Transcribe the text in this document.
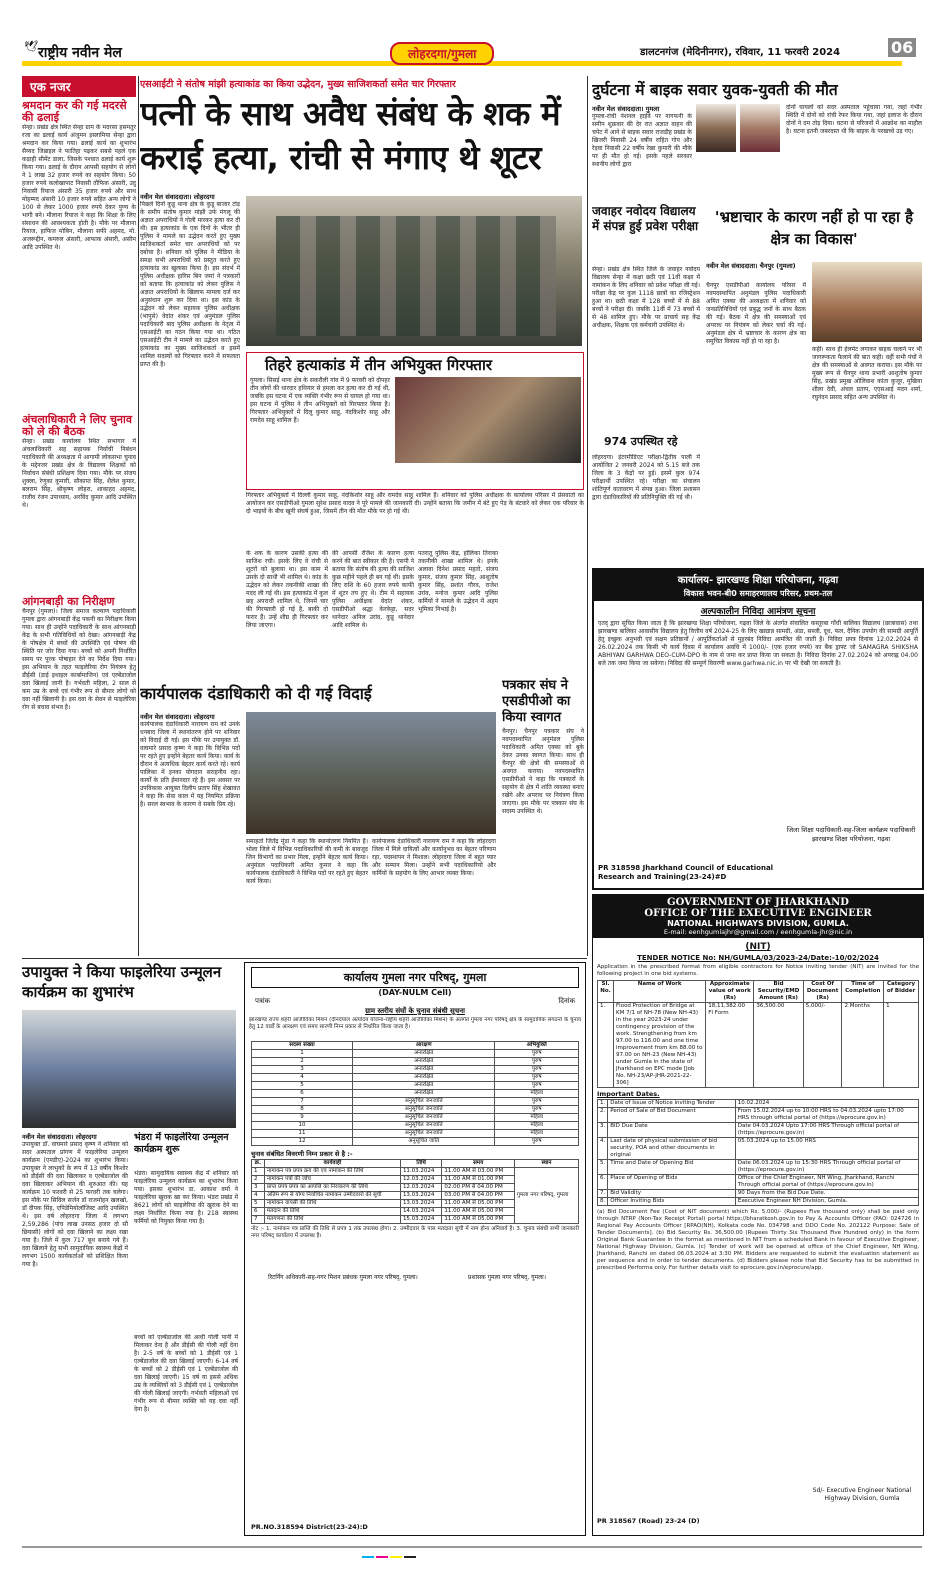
🕊 राष्ट्रीय नवीन मेल	लोहरदगा/गुमला	डालटनगंज (मेदिनीनगर), रविवार, 11 फरवरी 2024	06
एक नजर
श्रमदान कर की गई मदरसे की ढलाई
सेन्हा। प्रखंड क्षेत्र स्थित सेन्हा ग्राम के मदरसा हसमतुर रजा का ढलाई कार्य अंजुमन इस्लामिया सेन्हा द्वारा श्रमदान कर किया गया। ढलाई कार्य का शुभारंभ सैय्यद जिब्राइल ने फातिहा पढ़कर सबसे पहले एक कड़ाही सीमेंट डाला, जिसके पश्चात ढलाई कार्य शुरू किया गया। ढलाई के दौरान आपसी सहयोग से लोगों ने 1 लाख 32 हजार रुपये का सहयोग किया। 50 हजार रुपये कलोखापाट निवासी तौफिक अंसारी, उदु निवासी रियाज अंसारी 35 हजार रुपये और साथ मोहम्मद अंसारी 10 हजार रुपये सहित अन्य लोगों ने 100 से लेकर 1000 हजार रुपये देकर पुण्य के भागी बने। मौलाना रियाज ने कहा कि शिक्षा के लिए संसाधन की आवश्यकता होती है। मौके पर मौलाना रियाज, हाफिज मोबिन, मौलाना सफी अहमद, मो. अजरूद्दीन, कमरुल अंसारी, आफाक अंसारी, असीम आदि उपस्थित थे।
अंचलाधिकारी ने लिए चुनाव को ले की बैठक
सेन्हा। प्रखंड कार्यालय स्थित सभागार में अंचलाधिकारी सह सहायक निर्वाची निबंधन पदाधिकारी की अध्यक्षता में आगामी लोकसभा चुनाव के मद्देनजर प्रखंड क्षेत्र के विद्यालय शिक्षकों को निर्वाचन संबंधी प्रशिक्षण दिया गया। मौके पर संजय शुक्ला, रेणुका कुमारी, सौकाप्त सिंह, शैलेश कुमार, बलराम सिंह, श्रीकृष्ण लोहरा, शाकाहद अहमद, राजीव रंजन उपाध्याय, अरविंद कुमार आदि उपस्थित थे।
आंगनबाड़ी का निरीक्षण
चैनपुर (गुमला)। जिला समाज कल्याण पदाधिकारी गुमला द्वारा आंगनबाड़ी केंद्र पकनी का निरीक्षण किया गया। साथ ही उन्होंने पदाधिकारी के साथ आंगनबाड़ी केंद्र के सभी गतिविधियों को देखा। आंगनबाड़ी केंद्र के पोषक्षेत्र में बच्चों की उपस्थिति एवं पोषण की स्थिति पर जोर दिया गया। बच्चों को अपनी निर्धारित समय पर पूरक पोषाहार देने का निर्देश दिया गया। इस अभियान के तहत फाइलेरिया रोग नियंत्रण हेतु डीईसी (डाई इथाइल कार्बामाजिन) एवं एल्बेंडाजोल दवा खिलाई जानी है। गर्भवती महिला, 2 साल से कम उम्र के बच्चे एवं गंभीर रूप से बीमार लोगों को दवा नहीं खिलानी है। इस दवा के सेवन से फाइलेरिया रोग से बचाव संभव है।
एसआईटी ने संतोष मांझी हत्याकांड का किया उद्भेदन, मुख्य साजिशकर्ता समेत चार गिरफ्तार
पत्नी के साथ अवैध संबंध के शक में कराई हत्या, रांची से मंगाए थे शूटर
नवीन मेल संवाददाता। लोहरदगा
पिछले दिनों कुडू थाना क्षेत्र के कुडू बाजार टांड़ के समीप संतोष कुमार मांझी उर्फ मंगलू की अज्ञात अपराधियों ने गोली मारकर हत्या कर दी थी। इस हत्याकांड के एक दिनों के भीतर ही पुलिस ने मामले का उद्भेदन करते हुए मुख्य साजिशकर्ता समेत चार अपराधियों को पर दबोचा है। शनिवार को पुलिस ने मीडिया के समक्ष सभी अपराधियों को प्रस्तुत करते हुए हत्याकांड का खुलासा किया है। इस संदर्भ में पुलिस अधीक्षक हारिस बिन जमां ने पत्रकारों को बताया कि हत्याकांड को लेकर पुलिस ने अज्ञात अपराधियों के खिलाफ मामला दर्ज कर अनुसंधान शुरू कर दिया था। इस कांड के उद्भेदन को लेकर सहायक पुलिस अधीक्षक (भापुसे) वेदांत शंकर एवं अनुमंडल पुलिस पदाधिकारी बाद पुलिस अधीक्षक के नेतृत्व में एसआईटी का गठन किया गया था। गठित एसआईटी टीम ने मामले का उद्भेदन करते हुए हत्याकांड का मुख्य साजिशकर्ता व इसमें शामिल सदस्यों को गिरफ्तार करने में सफलता प्राप्त की है।	तिहरे हत्याकांड में तीन अभियुक्त गिरफ्तार
गुमला। सिसई थाना क्षेत्र के सकरौली गांव में 9 फरवरी को दोपहर तीन लोगों की धारदार हथियार से हमला कर हत्या कर दी गई थी, जबकि इस घटना में एक व्यक्ति गंभीर रूप से घायल हो गया था। इस घटना में पुलिस ने तीन अभियुक्तों को गिरफ्तार किया है। गिरफ्तार अभियुक्तों में दिलू कुमार साहू, नंदकिशोर साहू और रामदेव साहू शामिल हैं।
गिरफ्तार अभियुक्तों में दिल्ली कुमार साहू, नंदकिशोर साहू और रामदेव साहू शामिल हैं। शनिवार को पुलिस अधीक्षक के कार्यालय परिसर में प्रेसवार्ता का आयोजन कर एसडीपीओ गुमला सुरेश प्रसाद यादव ने पूरे मामले की जानकारी दी। उन्होंने बताया कि जमीन में बंटे हुए पेड़ के बंटवारे को लेकर एक परिवार के दो भाइयों के बीच खूनी संघर्ष हुआ, जिसमें तीन की मौत मौके पर हो गई थी।
के शक के कारण उसकी हत्या की साजिश रची। इसके लिए वे रांची से शूटरों को बुलाया था। इस काम में उसके दो साथी भी शामिल थे। कांड के उद्भेदन को लेकर तकनीकी शाखा की मदद ली गई थी। इस हत्याकांड में कुल छह अपराधी शामिल थे, जिनमें चार की गिरफ्तारी हो गई है, बाकी दो फरार हैं। उन्हें शीघ्र ही गिरफ्तार कर लिया जाएगा।
की आपसी रंजिश के कारण हत्या करने की बात स्वीकार की है। एसपी ने बताया कि संतोष की हत्या की साजिश कुछ महीने पहले ही बन गई थी। इसके लिए राशि के 60 हजार रुपये काफी में शूटर तय हुए थे। टीम में सहायक पुलिस अधीक्षक वेदांत शंकर, एसडीपीओ श्रद्धा केरकेट्टा, सदर थानेदार अनिल उरांव, कुडू थानेदार आदि शामिल थे।
पतरातू पुलिस केंद्र, होलिका तिराका तकनीकी शाखा शामिल थे। इनके अलावा दिनेश प्रसाद महतो, संजय कुमार, संजय कुमार सिंह, आशुतोष कुमार सिंह, प्रशांत गौरव, राजेश उरांव, मनोज कुमार आदि पुलिस कर्मियों ने मामले के उद्भेदन में अहम भूमिका निभाई है।
पत्रकार संघ ने एसडीपीओ का किया स्वागत
चैनपुर। चैनपुर पत्रकार संघ ने नवपदस्थापित अनुमंडल पुलिस पदाधिकारी अमित एक्का को बुके देकर उनका स्वागत किया। साथ ही चैनपुर की क्षेत्रों की समस्याओं से अवगत कराया। नवपदस्थापित एसडीपीओ ने कहा कि पत्रकारों के सहयोग से क्षेत्र में शांति व्यवस्था बनाए रखेंगे और अपराध पर नियंत्रण किया जाएगा। इस मौके पर पत्रकार संघ के सदस्य उपस्थित थे।
कार्यपालक दंडाधिकारी को दी गई विदाई
नवीन मेल संवाददाता। लोहरदगा
कार्यपालक दंडाधिकारी नारायण राम को उनके धनबाद जिला में स्थानांतरण होने पर शनिवार को विदाई दी गई। इस मौके पर उपायुक्त डॉ. वाघमारे प्रसाद कृष्ण ने कहा कि विभिन्न पदों पर रहते हुए इन्होंने बेहतर कार्य किया। कार्य के दौरान ये अत्यधिक बेहतर कार्य करते रहे। कार्य पालिका में इनका योगदान सराहनीय रहा। कार्यों के प्रति ईमानदार रहे हैं। इस अवसर पर उपविकास आयुक्त दिलीप प्रताप सिंह शेखावत ने कहा कि सेवा काल में यह नियमित प्रक्रिया है। सरल स्वभाव के कारण वे सबके प्रिय रहे।
समाहर्ता जितेंद्र मुंडा ने कहा कि स्थानांतरण नियमित है। भोला जिले में विभिन्न पदाधिकारियों की कमी के बावजूद जिन विभागों का प्रभार मिला, इन्होंने बेहतर कार्य किया। अनुमंडल पदाधिकारी अमित कुमार ने कहा कि कार्यपालक दंडाधिकारी ने विभिन्न पदों पर रहते हुए बेहतर कार्य किया।
कार्यपालक दंडाधिकारी नारायण राम ने कहा कि लोहरदगा जिला में मिले दायित्वों और कार्यानुभव का बेहतर परिणाम रहा, पदस्थापन ने मिशाल। लोहरदगा जिला में बहुत प्यार और सम्मान मिला। उन्होंने सभी पदाधिकारियों और कर्मियों के सहयोग के लिए आभार व्यक्त किया।
दुर्घटना में बाइक सवार युवक-युवती की मौत
नवीन मेल संवाददाता। गुमला
गुमला-रांची नेशनल हाईवे पर नागफनी के समीप शुक्रवार की देर रात अज्ञात वाहन की चपेट में आने से बाइक सवार राजडीह प्रखंड के खिजरी निवासी 24 वर्षीय राहित गोप और रेड़वा निवासी 22 वर्षीय रेखा कुमारी की मौके पर ही मौत हो गई। इसके पहले सरकार स्थानीय लोगों द्वारा
दोनों घायलों को सदर अस्पताल पहुंचाया गया, जहां गंभीर स्थिति में दोनों को रांची रेफर किया गया, जहां इलाज के दौरान दोनों ने दम तोड़ दिया। घटना से परिजनों में आक्रोश का माहौल है। घटना इतनी जबरदस्त थी कि बाइक के परखच्चे उड़ गए।
जवाहर नवोदय विद्यालय में संपन्न हुई प्रवेश परीक्षा
सेन्हा। प्रखंड क्षेत्र स्थित जिले के जवाहर नवोदय विद्यालय सेन्हा में कक्षा छठी एवं 11वीं कक्षा में नामांकन के लिए शनिवार को प्रवेश परीक्षा ली गई। परीक्षा केंद्र पर कुल 1118 छात्रों का रजिस्ट्रेशन हुआ था। छठी कक्षा में 128 बच्चों में से 88 बच्चों ने परीक्षा दी। जबकि 11वीं में 73 बच्चों में से 48 शामिल हुए। मौके पर प्राचार्य सह केंद्र अधीक्षक, शिक्षक एवं कर्मचारी उपस्थित थे।
974 उपस्थित रहे
लोहरदगा। इंटरमीडिएट परीक्षा-द्वितीय पाली में आयोजित 2 जनवरी 2024 को 5.15 बजे तक जिला के 3 केंद्रों पर हुई। इसमें कुल 974 परीक्षार्थी उपस्थित रहे। परीक्षा का संचालन शांतिपूर्ण वातावरण में संपन्न हुआ। जिला प्रशासन द्वारा दंडाधिकारियों की प्रतिनियुक्ति की गई थी।
'भ्रष्टाचार के कारण नहीं हो पा रहा है क्षेत्र का विकास'
नवीन मेल संवाददाता। चैनपुर (गुमला)
चैनपुर एसडीपीओ कार्यालय परिसर में नवपदस्थापित अनुमंडल पुलिस पदाधिकारी अमित एक्का की अध्यक्षता में शनिवार को जनप्रतिनिधियों एवं प्रबुद्ध जनों के साथ बैठक की गई। बैठक में क्षेत्र की समस्याओं एवं अपराध पर नियंत्रण को लेकर चर्चा की गई। अनुमंडल क्षेत्र में भ्रष्टाचार के कारण क्षेत्र का समुचित विकास नहीं हो पा रहा है।
कहीं। साथ ही हेलमेट लगाकर बाइक चलाने पर भी जागरूकता फैलाने की बात कही। वहीं सभी पंचों ने क्षेत्र की समस्याओं से अवगत कराया। इस मौके पर मुख्य रूप से चैनपुर थाना प्रभारी आशुतोष कुमार सिंह, प्रखंड प्रमुख ओलिवाश कांता कुजूर, मुखिया शीला देवी, अंचल प्रताप, एएसआई मदन शर्मा, रघुनंदन प्रसाद सहित अन्य उपस्थित थे।
कार्यालय- झारखण्ड शिक्षा परियोजना, गढ़वा
विकास भवन-बी0 समाहरणालय परिसर, प्रथम-तल
अल्पकालीन निविदा आमंत्रण सूचना
एतद् द्वारा सूचित किया जाता है कि झारखण्ड शिक्षा परियोजना, गढ़वा जिले के अंतर्गत संचालित कस्तूरबा गाँधी बालिका विद्यालय (छात्रावास) तथा झारखण्ड बालिका आवासीय विद्यालय हेतु वित्तीय वर्ष 2024-25 के लिए खाद्यान्न सामग्री, अंडा, सब्जी, दूध, फल, दैनिक उपयोग की सामग्री आपूर्ति हेतु इच्छुक अनुभवी एवं सक्षम प्रतिष्ठानों / आपूर्तिकर्ताओं से मुहरबंद निविदा आमंत्रित की जाती है। निविदा प्रपत्र दिनांक 12.02.2024 से 26.02.2024 तक किसी भी कार्य दिवस में कार्यालय अवधि में 1000/- (एक हजार रुपये) का बैंक ड्राफ्ट जो SAMAGRA SHIKSHA ABHIYAN GARHWA DEO-CUM-DPO के नाम से जमा कर प्राप्त किया जा सकता है। निविदा दिनांक 27.02.2024 को अपराह्न 04.00 बजे तक जमा किया जा सकेगा। निविदा की सम्पूर्ण विवरणी www.garhwa.nic.in पर भी देखी जा सकती है।
जिला शिक्षा पदाधिकारी-सह-जिला कार्यक्रम पदाधिकारी झारखण्ड शिक्षा परियोजना, गढ़वा
PR 318598 Jharkhand Council of Educational Research and Training(23-24)#D
GOVERNMENT OF JHARKHAND
OFFICE OF THE EXECUTIVE ENGINEER
NATIONAL HIGHWAYS DIVISION, GUMLA.
E-mail: eenhgumlajhr@gmail.com / eenhgumla-jhr@nic.in
(NIT)
TENDER NOTICE No: NH/GUMLA/03/2023-24/Date:-10/02/2024
Application in the prescribed format from eligible contractors for Notice inviting tender (NIT) are invited for the following project in one bid systems.
Sl. No.	Name of Work	Approximate value of work (Rs)	Bid Security/EMD Amount (Rs)	Cost Of Document (Rs)	Time of Completion	Category of Bidder
1.	Flood Protection of Bridge at KM 7/1 of NH-78 (New NH-43) in the year 2023-24 under contingency provision of the work. Strengthening from km 97.00 to 116.00 and one time improvement from km 88.00 to 97.00 on NH-23 (New NH-43) under Gumla in the state of Jharkhand on EPC mode [Job No. NH-23/AP-JHR-2021-22-306]	18,11,382.00 FI Form	36,500.00	5,000/-	2 Months	1
Important Dates.
1.	Date of Issue of Notice inviting Tender	10.02.2024
2.	Period of Sale of Bid Document	From 15.02.2024 up to 10:00 HRS to 04.03.2024 upto 17:00 HRS through official portal of (https://eprocure.gov.in)
3.	BID Due Date	Date 04.03.2024 Upto 17:00 HRS Through official portal of (https://eprocure.gov.in)
4.	Last date of physical submission of bid security, POA and other documents in original	05.03.2024 up to 15.00 HRS
5.	Time and Date of Opening Bid	Date 06.03.2024 up to 15:30 HRS Through official portal of (https://eprocure.gov.in)
6.	Place of Opening of Bids	Office of the Chief Engineer, NH Wing, Jharkhand, Ranchi Through official portal of (https://eprocure.gov.in)
7.	Bid Validity	90 Days from the Bid Due Date.
8.	Officer Inviting Bids	Executive Engineer NH Division, Gumla.
(a) Bid Document Fee (Cost of NIT document) which Rs. 5,000/- (Rupees Five thousand only) shall be paid only through NTRP (Non-Tax Receipt Portal) portal https://bharatkosh.gov.in to Pay & Accounts Officer (PAO: 024726 in Regional Pay Accounts Officer [RPAO(NH), Kolkata code No. 034798 and DDO Code No. 202122 Purpose: Sale of Tender Documents]. (b) Bid Security Rs. 36,500.00 (Rupees Thirty Six Thousand Five Hundred only) in the form Original Bank Guarantee in the format as mentioned in NIT from a scheduled Bank in favour of Executive Engineer, National Highway Division, Gumla. (c) Tender of work will be opened at office of the Chief Engineer, NH Wing, Jharkhand, Ranchi on dated 06.03.2024 at 3:30 PM. Bidders are requested to submit the evaluation statement as per sequence and in order to tender documents. (d) Bidders please note that Bid Security has to be submitted in prescribed Performa only. For further details visit to eprocure.gov.in/eprocure/app.
Sd/- Executive Engineer National Highway Division, Gumla
PR 318567 (Road) 23-24 (D)
उपायुक्त ने किया फाइलेरिया उन्मूलन कार्यक्रम का शुभारंभ
नवीन मेल संवाददाता। लोहरदगा
उपायुक्त डॉ. वाघमारे प्रसाद कृष्ण ने शनिवार को सदर अस्पताल प्रांगण में फाइलेरिया उन्मूलन कार्यक्रम (एमडीए)-2024 का शुभारंभ किया। उपायुक्त ने लाभुकों के रूप में 13 वर्षीय किशोर को डीईसी की दवा खिलाकर व एल्बेंडाजोल की दवा खिलाकर अभियान की शुरुआत की। यह कार्यक्रम 10 फरवरी से 25 फरवरी तक चलेगा। इस मौके पर सिविल सर्जन डॉ राजमोहन खलखो, डॉ दीपक सिंह, एपिडेमियोलॉजिस्ट आदि उपस्थित थे। इस वर्ष लोहरदगा जिला में लगभग 2,59,286 (पांच लाख उनसठ हजार दो सौ छियासी) लोगों को दवा खिलाने का लक्ष्य रखा गया है। जिले में कुल 717 बूथ बनाये गये हैं। दवा खिलाने हेतु सभी सामुदायिक स्वास्थ्य केंद्रों में लगभग 1500 कार्यकर्ताओं को प्रशिक्षित किया गया है।
भंडरा में फाइलेरिया उन्मूलन कार्यक्रम शुरू
भंडरा। सामुदायिक स्वास्थ्य केंद्र में शनिवार को फाइलेरिया उन्मूलन कार्यक्रम का शुभारंभ किया गया। इसका शुभारंभ डा. आकाश वर्मा ने फाइलेरिया खुराक खा कर किया। भंडरा प्रखंड में 8621 लोगों को फाइलेरिया की खुराक देने का लक्ष्य निर्धारित किया गया है। 218 स्वास्थ्य कर्मियों को नियुक्त किया गया है।
बच्चों को एल्बेंडाजोल की आधी गोली पानी में मिलाकर देना है और डीईसी की गोली नहीं देना है। 2-5 वर्ष के बच्चों को 1 डीईसी एवं 1 एल्बेंडाजोल की दवा खिलाई जाएगी। 6-14 वर्ष के बच्चों को 2 डीईसी एवं 1 एल्बेंडाजोल की दवा खिलाई जाएगी। 15 वर्ष या इससे अधिक उम्र के व्यक्तियों को 3 डीईसी एवं 1 एल्बेंडाजोल की गोली खिलाई जाएगी। गर्भवती महिलाओं एवं गंभीर रूप से बीमार व्यक्ति को यह दवा नहीं देना है।
कार्यालय गुमला नगर परिषद्, गुमला
(DAY-NULM Cell)
पत्रांक	दिनांक
ग्राम स्तरीय संघों के चुनाव संबंधी सूचना
झारखण्ड राज्य शहरी आजीविका मिशन (दीनदयाल अंत्योदय योजना-राष्ट्रीय शहरी आजीविका मिशन) के अंतर्गत गुमला नगर परिषद् क्षेत्र के सामुदायिक संगठनों के चुनाव हेतु 12 वार्डों के आरक्षण एवं समय सारणी निम्न प्रकार से निर्धारित किया जाता है।
सदस्य संख्या	आरक्षण	अभियुक्ति
1	अनारक्षित	पुरुष
2	अनारक्षित	पुरुष
3	अनारक्षित	पुरुष
4	अनारक्षित	पुरुष
5	अनारक्षित	पुरुष
6	अनारक्षित	महिला
7	अनुसूचित जनजाति	पुरुष
8	अनुसूचित जनजाति	पुरुष
9	अनुसूचित जनजाति	महिला
10	अनुसूचित जनजाति	महिला
11	अनुसूचित जनजाति	महिला
12	अनुसूचित जाति	पुरुष
चुनाव संबंधित विवरणी निम्न प्रकार से है :-
क्र.	कार्यवाही	तिथि	समय	स्थान
1	नामांकन पत्र प्रपत्र क्रय की एवं नामांकन की तिथि	11.03.2024	11.00 AM से 03.00 PM	गुमला नगर परिषद्, गुमला
2	नामांकन पत्रों की जाँच	12.03.2024	11.00 AM से 01.00 PM	
3	प्राप्त प्रपत्र प्रपत्र का आपत्ति का निराकरण की तिथि	12.03.2024	02.00 PM से 04.00 PM	
4	अंतिम रूप से योग्य निर्वाचित नामांकन उम्मीदवारों की सूची	13.03.2024	03.00 PM से 04.00 PM	
5	नामांकन वापसी की तिथि	13.03.2024	11.00 AM से 05.00 PM	
6	मतदान की तिथि	14.03.2024	11.00 AM से 05.00 PM	
7	मतगणना की तिथि	15.03.2024	11.00 AM से 05.00 PM	
नोट :- 1. नामांकन पत्र प्राप्ति की तिथि से प्रपत्र 1 तक उपलब्ध होगा। 2. उम्मीदवार के पास मतदाता सूची में नाम होना अनिवार्य है। 3. चुनाव संबंधी सभी जानकारी नगर परिषद् कार्यालय में उपलब्ध है।
रिटर्निंग अधिकारी-सह-नगर मिशन प्रबंधक गुमला नगर परिषद्, गुमला।	प्रशासक गुमला नगर परिषद्, गुमला।
PR.NO.318594 District(23-24):D
